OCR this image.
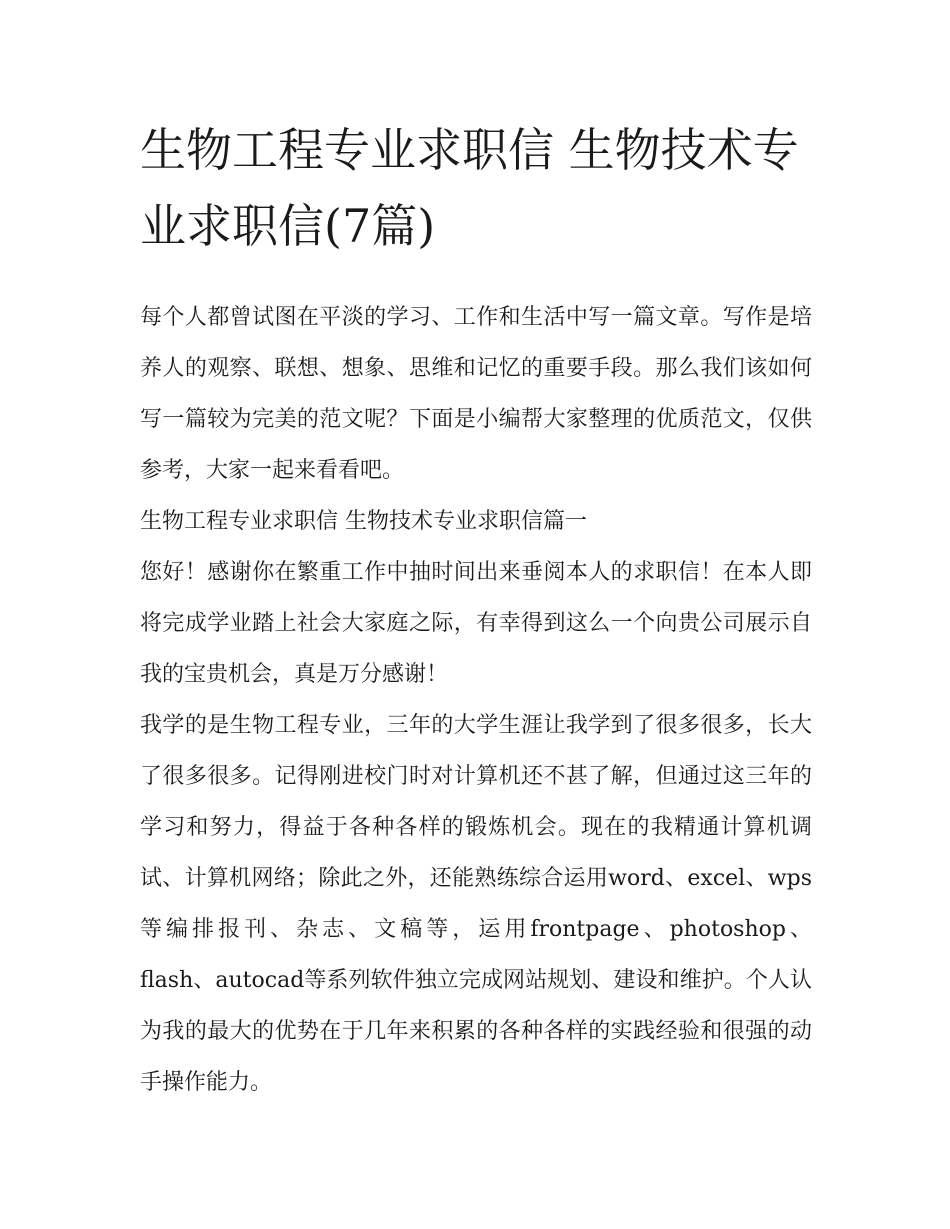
生物工程专业求职信 生物技术专业求职信(7篇)

每个人都曾试图在平淡的学习、工作和生活中写一篇文章。写作是培养人的观察、联想、想象、思维和记忆的重要手段。那么我们该如何写一篇较为完美的范文呢？下面是小编帮大家整理的优质范文，仅供参考，大家一起来看看吧。

生物工程专业求职信 生物技术专业求职信篇一

您好！感谢你在繁重工作中抽时间出来垂阅本人的求职信！在本人即将完成学业踏上社会大家庭之际，有幸得到这么一个向贵公司展示自我的宝贵机会，真是万分感谢！

我学的是生物工程专业，三年的大学生涯让我学到了很多很多，长大了很多很多。记得刚进校门时对计算机还不甚了解，但通过这三年的学习和努力，得益于各种各样的锻炼机会。现在的我精通计算机调试、计算机网络；除此之外，还能熟练综合运用word、excel、wps等编排报刊、杂志、文稿等，运用frontpage、photoshop、flash、autocad等系列软件独立完成网站规划、建设和维护。个人认为我的最大的优势在于几年来积累的各种各样的实践经验和很强的动手操作能力。
